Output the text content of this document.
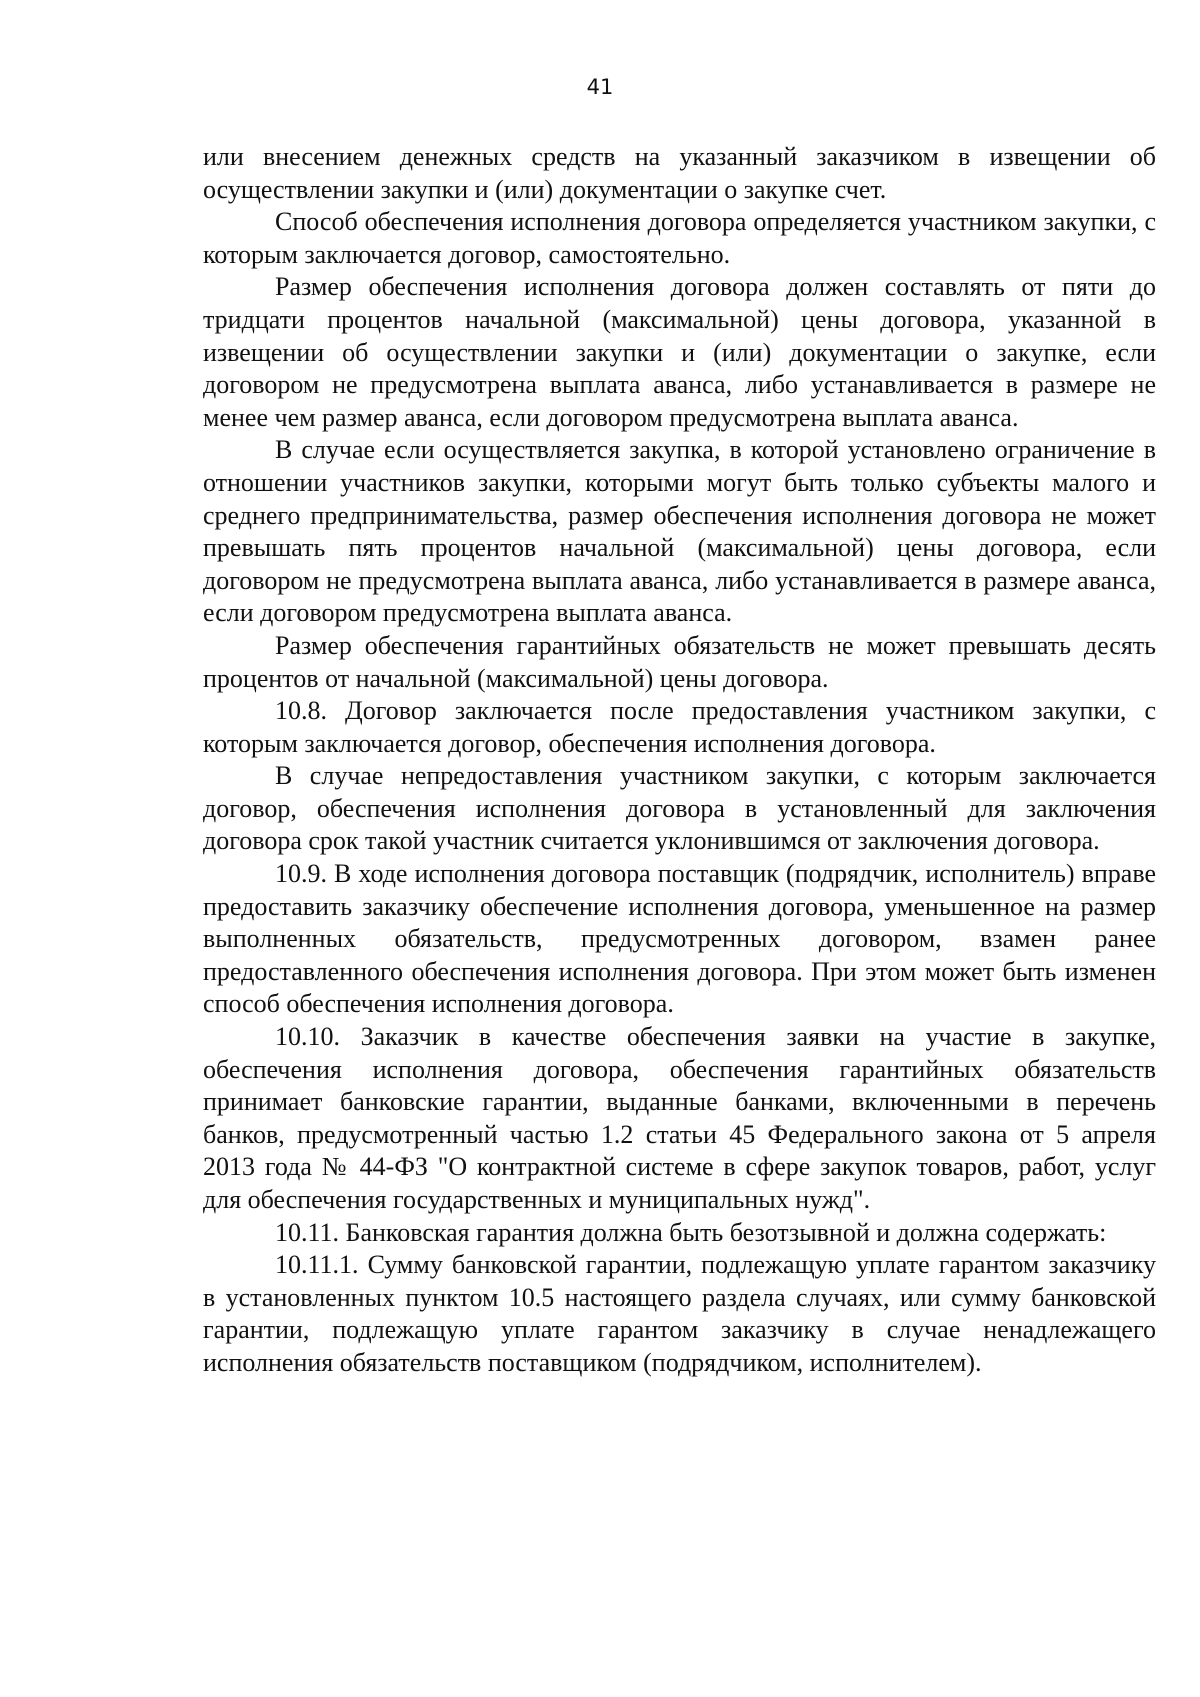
41

или внесением денежных средств на указанный заказчиком в извещении об осуществлении закупки и (или) документации о закупке счет.

Способ обеспечения исполнения договора определяется участником закупки, с которым заключается договор, самостоятельно.

Размер обеспечения исполнения договора должен составлять от пяти до тридцати процентов начальной (максимальной) цены договора, указанной в извещении об осуществлении закупки и (или) документации о закупке, если договором не предусмотрена выплата аванса, либо устанавливается в размере не менее чем размер аванса, если договором предусмотрена выплата аванса.

В случае если осуществляется закупка, в которой установлено ограничение в отношении участников закупки, которыми могут быть только субъекты малого и среднего предпринимательства, размер обеспечения исполнения договора не может превышать пять процентов начальной (максимальной) цены договора, если договором не предусмотрена выплата аванса, либо устанавливается в размере аванса, если договором предусмотрена выплата аванса.

Размер обеспечения гарантийных обязательств не может превышать десять процентов от начальной (максимальной) цены договора.

10.8. Договор заключается после предоставления участником закупки, с которым заключается договор, обеспечения исполнения договора.

В случае непредоставления участником закупки, с которым заключается договор, обеспечения исполнения договора в установленный для заключения договора срок такой участник считается уклонившимся от заключения договора.

10.9. В ходе исполнения договора поставщик (подрядчик, исполнитель) вправе предоставить заказчику обеспечение исполнения договора, уменьшенное на размер выполненных обязательств, предусмотренных договором, взамен ранее предоставленного обеспечения исполнения договора. При этом может быть изменен способ обеспечения исполнения договора.

10.10. Заказчик в качестве обеспечения заявки на участие в закупке, обеспечения исполнения договора, обеспечения гарантийных обязательств принимает банковские гарантии, выданные банками, включенными в перечень банков, предусмотренный частью 1.2 статьи 45 Федерального закона от 5 апреля 2013 года № 44-ФЗ "О контрактной системе в сфере закупок товаров, работ, услуг для обеспечения государственных и муниципальных нужд".

10.11. Банковская гарантия должна быть безотзывной и должна содержать:

10.11.1. Сумму банковской гарантии, подлежащую уплате гарантом заказчику в установленных пунктом 10.5 настоящего раздела случаях, или сумму банковской гарантии, подлежащую уплате гарантом заказчику в случае ненадлежащего исполнения обязательств поставщиком (подрядчиком, исполнителем).
